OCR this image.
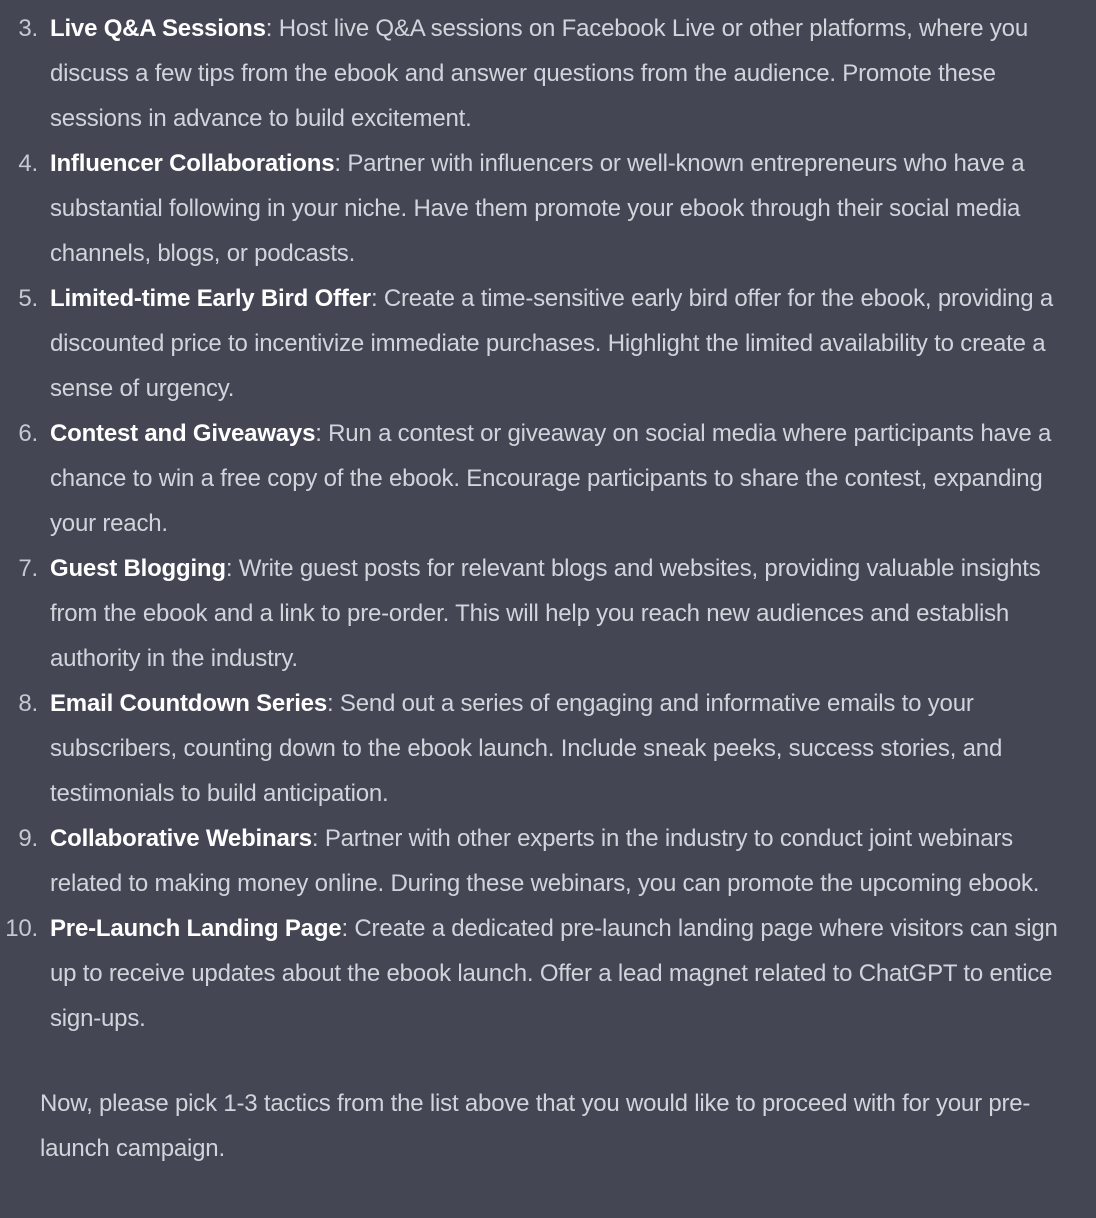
3. Live Q&A Sessions: Host live Q&A sessions on Facebook Live or other platforms, where you discuss a few tips from the ebook and answer questions from the audience. Promote these sessions in advance to build excitement.
4. Influencer Collaborations: Partner with influencers or well-known entrepreneurs who have a substantial following in your niche. Have them promote your ebook through their social media channels, blogs, or podcasts.
5. Limited-time Early Bird Offer: Create a time-sensitive early bird offer for the ebook, providing a discounted price to incentivize immediate purchases. Highlight the limited availability to create a sense of urgency.
6. Contest and Giveaways: Run a contest or giveaway on social media where participants have a chance to win a free copy of the ebook. Encourage participants to share the contest, expanding your reach.
7. Guest Blogging: Write guest posts for relevant blogs and websites, providing valuable insights from the ebook and a link to pre-order. This will help you reach new audiences and establish authority in the industry.
8. Email Countdown Series: Send out a series of engaging and informative emails to your subscribers, counting down to the ebook launch. Include sneak peeks, success stories, and testimonials to build anticipation.
9. Collaborative Webinars: Partner with other experts in the industry to conduct joint webinars related to making money online. During these webinars, you can promote the upcoming ebook.
10. Pre-Launch Landing Page: Create a dedicated pre-launch landing page where visitors can sign up to receive updates about the ebook launch. Offer a lead magnet related to ChatGPT to entice sign-ups.

Now, please pick 1-3 tactics from the list above that you would like to proceed with for your pre-launch campaign.
